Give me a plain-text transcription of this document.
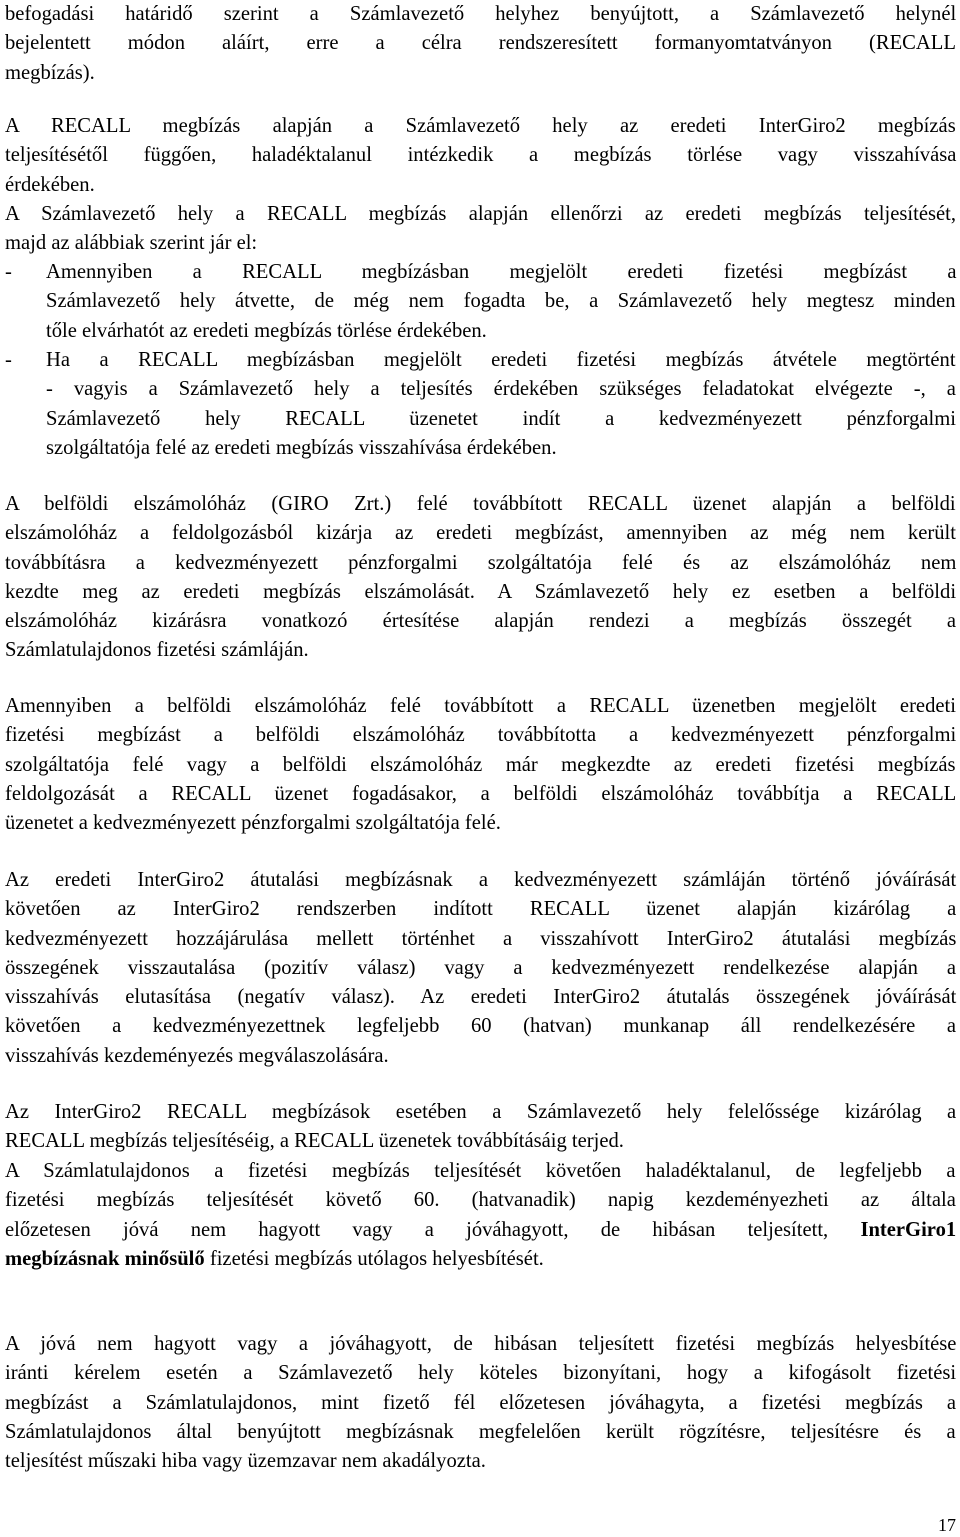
befogadási határidő szerint a Számlavezető helyhez benyújtott, a Számlavezető helynél
bejelentett módon aláírt, erre a célra rendszeresített formanyomtatványon (RECALL
megbízás).
A RECALL megbízás alapján a Számlavezető hely az eredeti InterGiro2 megbízás
teljesítésétől függően, haladéktalanul intézkedik a megbízás törlése vagy visszahívása
érdekében.
A Számlavezető hely a RECALL megbízás alapján ellenőrzi az eredeti megbízás teljesítését,
majd az alábbiak szerint jár el:
-	Amennyiben a RECALL megbízásban megjelölt eredeti fizetési megbízást a
Számlavezető hely átvette, de még nem fogadta be, a Számlavezető hely megtesz minden
tőle elvárhatót az eredeti megbízás törlése érdekében.
-	Ha a RECALL megbízásban megjelölt eredeti fizetési megbízás átvétele megtörtént
- vagyis a Számlavezető hely a teljesítés érdekében szükséges feladatokat elvégezte -, a
Számlavezető hely RECALL üzenetet indít a kedvezményezett pénzforgalmi
szolgáltatója felé az eredeti megbízás visszahívása érdekében.
A belföldi elszámolóház (GIRO Zrt.) felé továbbított RECALL üzenet alapján a belföldi
elszámolóház a feldolgozásból kizárja az eredeti megbízást, amennyiben az még nem került
továbbításra a kedvezményezett pénzforgalmi szolgáltatója felé és az elszámolóház nem
kezdte meg az eredeti megbízás elszámolását. A Számlavezető hely ez esetben a belföldi
elszámolóház kizárásra vonatkozó értesítése alapján rendezi a megbízás összegét a
Számlatulajdonos fizetési számláján.
Amennyiben a belföldi elszámolóház felé továbbított a RECALL üzenetben megjelölt eredeti
fizetési megbízást a belföldi elszámolóház továbbította a kedvezményezett pénzforgalmi
szolgáltatója felé vagy a belföldi elszámolóház már megkezdte az eredeti fizetési megbízás
feldolgozását a RECALL üzenet fogadásakor, a belföldi elszámolóház továbbítja a RECALL
üzenetet a kedvezményezett pénzforgalmi szolgáltatója felé.
Az eredeti InterGiro2 átutalási megbízásnak a kedvezményezett számláján történő jóváírását
követően az InterGiro2 rendszerben indított RECALL üzenet alapján kizárólag a
kedvezményezett hozzájárulása mellett történhet a visszahívott InterGiro2 átutalási megbízás
összegének visszautalása (pozitív válasz) vagy a kedvezményezett rendelkezése alapján a
visszahívás elutasítása (negatív válasz). Az eredeti InterGiro2 átutalás összegének jóváírását
követően a kedvezményezettnek legfeljebb 60 (hatvan) munkanap áll rendelkezésére a
visszahívás kezdeményezés megválaszolására.
Az InterGiro2 RECALL megbízások esetében a Számlavezető hely felelőssége kizárólag a
RECALL megbízás teljesítéséig, a RECALL üzenetek továbbításáig terjed.
A Számlatulajdonos a fizetési megbízás teljesítését követően haladéktalanul, de legfeljebb a
fizetési megbízás teljesítését követő 60. (hatvanadik) napig kezdeményezheti az általa
előzetesen jóvá nem hagyott vagy a jóváhagyott, de hibásan teljesített, InterGiro1
megbízásnak minősülő fizetési megbízás utólagos helyesbítését.
A jóvá nem hagyott vagy a jóváhagyott, de hibásan teljesített fizetési megbízás helyesbítése
iránti kérelem esetén a Számlavezető hely köteles bizonyítani, hogy a kifogásolt fizetési
megbízást a Számlatulajdonos, mint fizető fél előzetesen jóváhagyta, a fizetési megbízás a
Számlatulajdonos által benyújtott megbízásnak megfelelően került rögzítésre, teljesítésre és a
teljesítést műszaki hiba vagy üzemzavar nem akadályozta.
17
